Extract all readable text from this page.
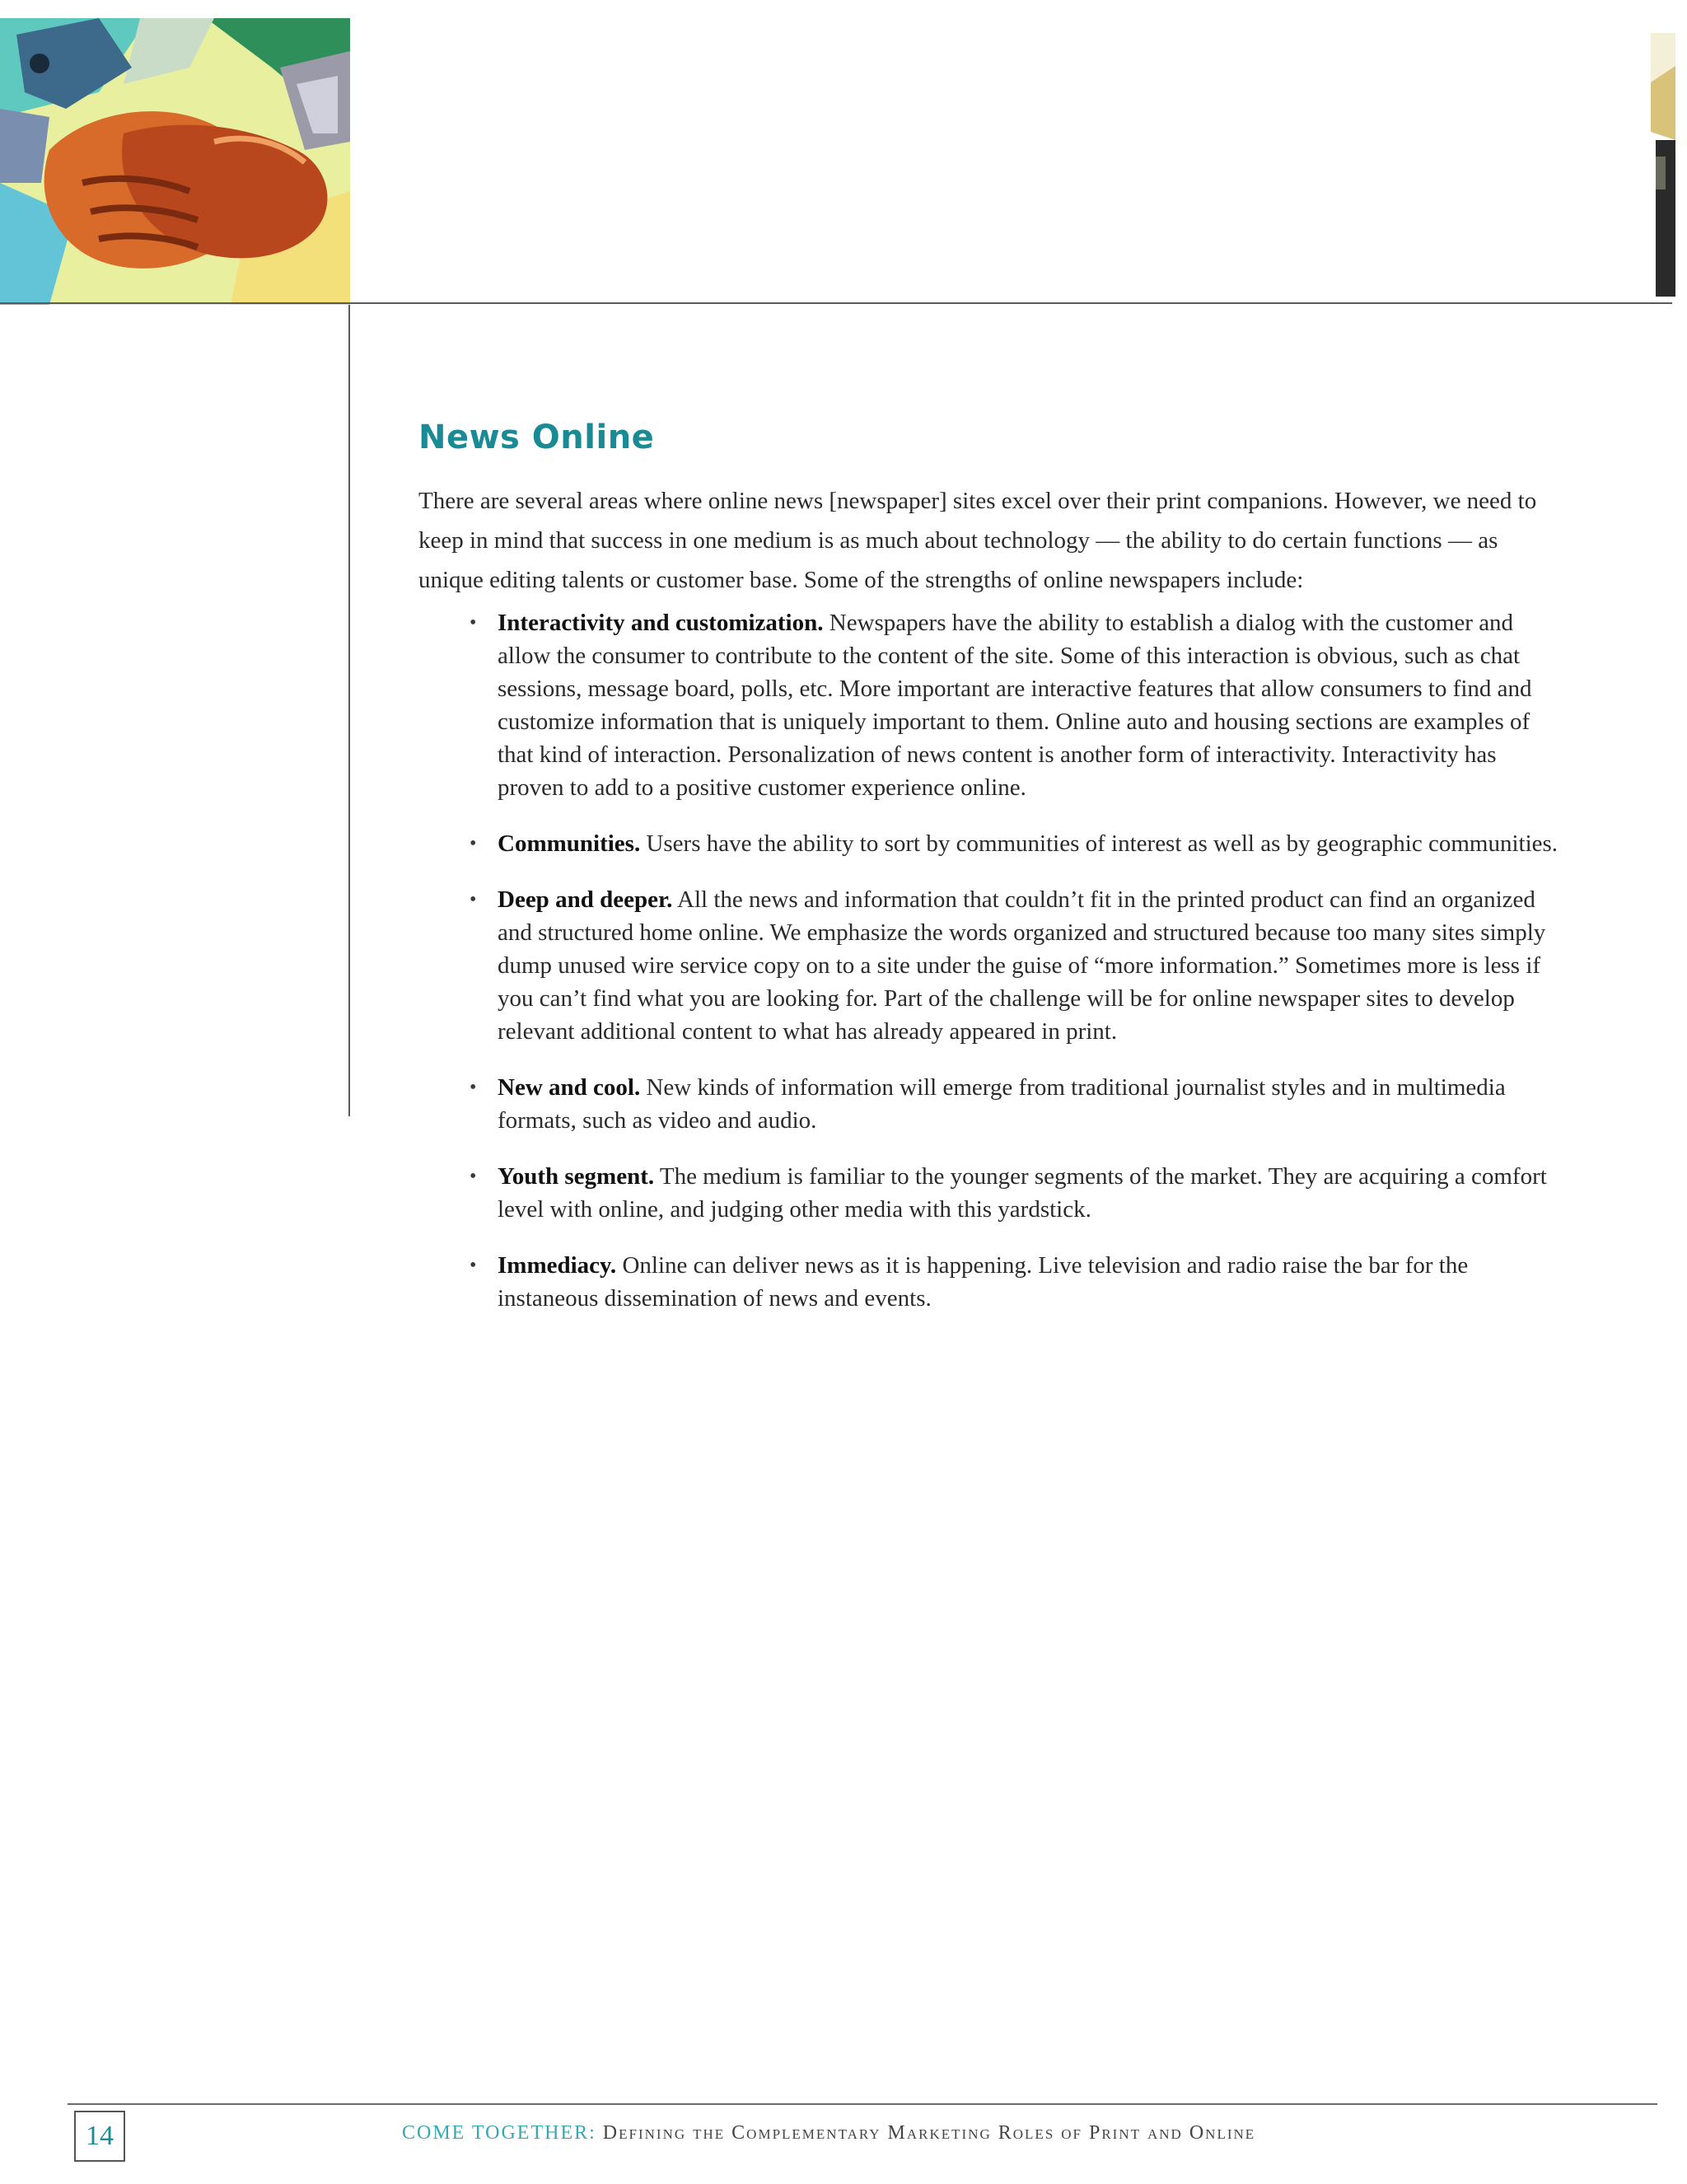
News Online

There are several areas where online news [newspaper] sites excel over their print companions. However, we need to keep in mind that success in one medium is as much about technology — the ability to do certain functions — as unique editing talents or customer base. Some of the strengths of online newspapers include:

• Interactivity and customization. Newspapers have the ability to establish a dialog with the customer and allow the consumer to contribute to the content of the site. Some of this interaction is obvious, such as chat sessions, message board, polls, etc. More important are interactive features that allow consumers to find and customize information that is uniquely important to them. Online auto and housing sections are examples of that kind of interaction. Personalization of news content is another form of interactivity. Interactivity has proven to add to a positive customer experience online.
• Communities. Users have the ability to sort by communities of interest as well as by geographic communities.
• Deep and deeper. All the news and information that couldn’t fit in the printed product can find an organized and structured home online. We emphasize the words organized and structured because too many sites simply dump unused wire service copy on to a site under the guise of “more information.” Sometimes more is less if you can’t find what you are looking for. Part of the challenge will be for online newspaper sites to develop relevant additional content to what has already appeared in print.
• New and cool. New kinds of information will emerge from traditional journalist styles and in multimedia formats, such as video and audio.
• Youth segment. The medium is familiar to the younger segments of the market. They are acquiring a comfort level with online, and judging other media with this yardstick.
• Immediacy. Online can deliver news as it is happening. Live television and radio raise the bar for the instaneous dissemination of news and events.
14	COME TOGETHER: Defining the Complementary Marketing Roles of Print and Online
